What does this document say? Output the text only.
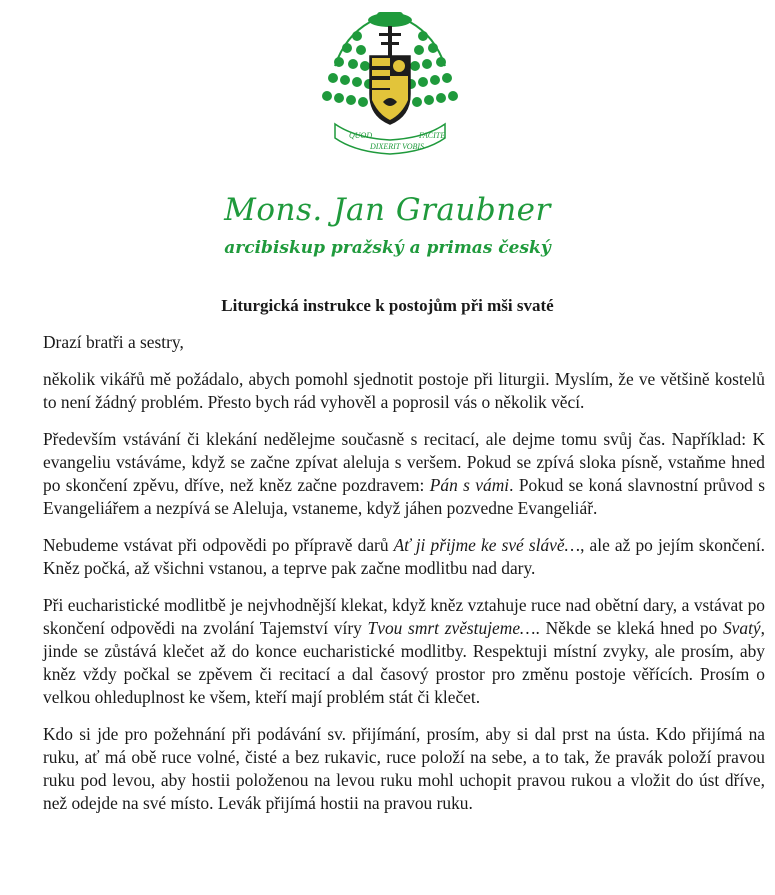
QUOD
DIXERIT VOBIS
FACITE
Mons. Jan Graubner
arcibiskup pražský a primas český
Liturgická instrukce k postojům při mši svaté
Drazí bratři a sestry,

několik vikářů mě požádalo, abych pomohl sjednotit postoje při liturgii. Myslím, že ve většině kostelů to není žádný problém. Přesto bych rád vyhověl a poprosil vás o několik věcí.

Především vstávání či klekání nedělejme současně s recitací, ale dejme tomu svůj čas. Například: K evangeliu vstáváme, když se začne zpívat aleluja s veršem. Pokud se zpívá sloka písně, vstaňme hned po skončení zpěvu, dříve, než kněz začne pozdravem: Pán s vámi. Pokud se koná slavnostní průvod s Evangeliářem a nezpívá se Aleluja, vstaneme, když jáhen pozvedne Evangeliář.

Nebudeme vstávat při odpovědi po přípravě darů Ať ji přijme ke své slávě…, ale až po jejím skončení. Kněz počká, až všichni vstanou, a teprve pak začne modlitbu nad dary.

Při eucharistické modlitbě je nejvhodnější klekat, když kněz vztahuje ruce nad obětní dary, a vstávat po skončení odpovědi na zvolání Tajemství víry Tvou smrt zvěstujeme…. Někde se kleká hned po Svatý, jinde se zůstává klečet až do konce eucharistické modlitby. Respektuji místní zvyky, ale prosím, aby kněz vždy počkal se zpěvem či recitací a dal časový prostor pro změnu postoje věřících. Prosím o velkou ohleduplnost ke všem, kteří mají problém stát či klečet.

Kdo si jde pro požehnání při podávání sv. přijímání, prosím, aby si dal prst na ústa. Kdo přijímá na ruku, ať má obě ruce volné, čisté a bez rukavic, ruce položí na sebe, a to tak, že pravák položí pravou ruku pod levou, aby hostii položenou na levou ruku mohl uchopit pravou rukou a vložit do úst dříve, než odejde na své místo. Levák přijímá hostii na pravou ruku.
